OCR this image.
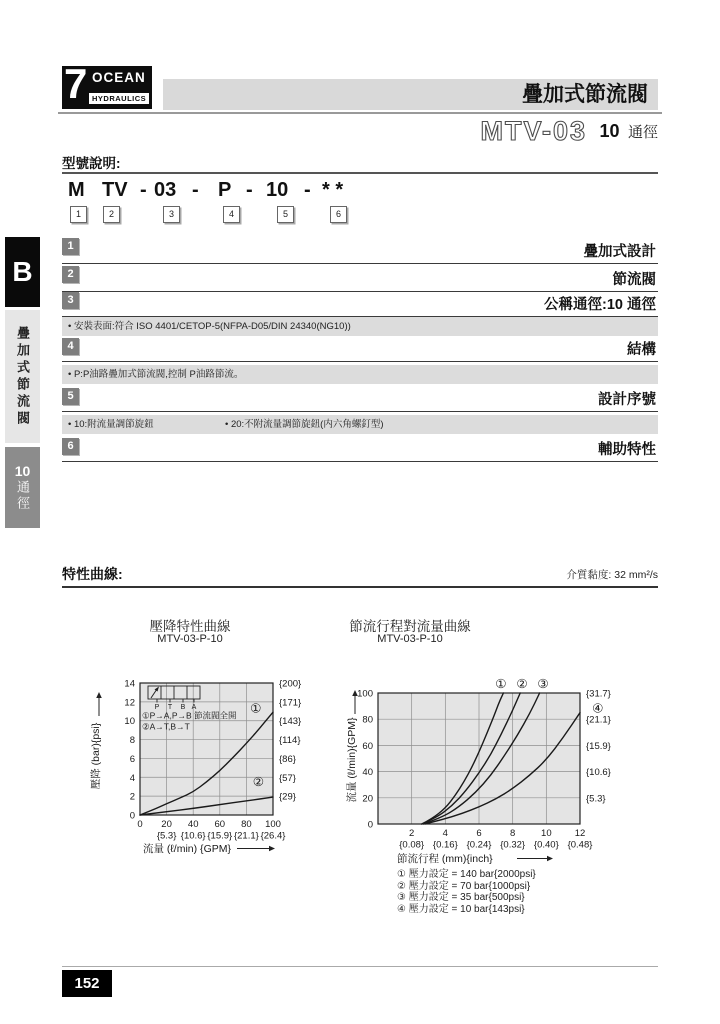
7 OCEAN
HYDRAULICS	疊加式節流閥
MTV-03 10 通徑
型號說明:
M TV - 03 - P - 10 - * *
1	2	3	4	5	6
B
疊加式節流閥
10
通徑
1	疊加式設計
2	節流閥
3	公稱通徑:10 通徑
• 安裝表面:符合 ISO 4401/CETOP-5(NFPA-D05/DIN 24340(NG10))
4	結構
• P:P油路疊加式節流閥,控制 P油路節流。
5	設計序號
• 10:附流量調節旋鈕	• 20:不附流量調節旋鈕(内六角螺釘型)
6	輔助特性
特性曲線:	介質黏度: 32 mm²/s
壓降特性曲線
MTV-03-P-10
節流行程對流量曲線
MTV-03-P-10
0
2
4
6
8
10
12
14	{200}
{171}
{143}
{114}
{86}
{57}
{29}
0 20 40 60 80 100
{5.3} {10.6} {15.9} {21.1} {26.4}
①
②
流量 (ℓ/min) {GPM}
壓降 (bar){psi}
P T B A
①P→A,P→B 節流閥全開
②A→T,B→T
0
20
40
60
80
100	{31.7}
{21.1}
{15.9}
{10.6}
{5.3}
2	4	6	8	10 12
{0.08} {0.16} {0.24} {0.32} {0.40} {0.48}
① ② ③
④
節流行程 (mm){inch}
流量 (ℓ/min){GPM}
① 壓力設定 = 140 bar{2000psi}
② 壓力設定 = 70 bar{1000psi}
③ 壓力設定 = 35 bar{500psi}
④ 壓力設定 = 10 bar{143psi}
152
